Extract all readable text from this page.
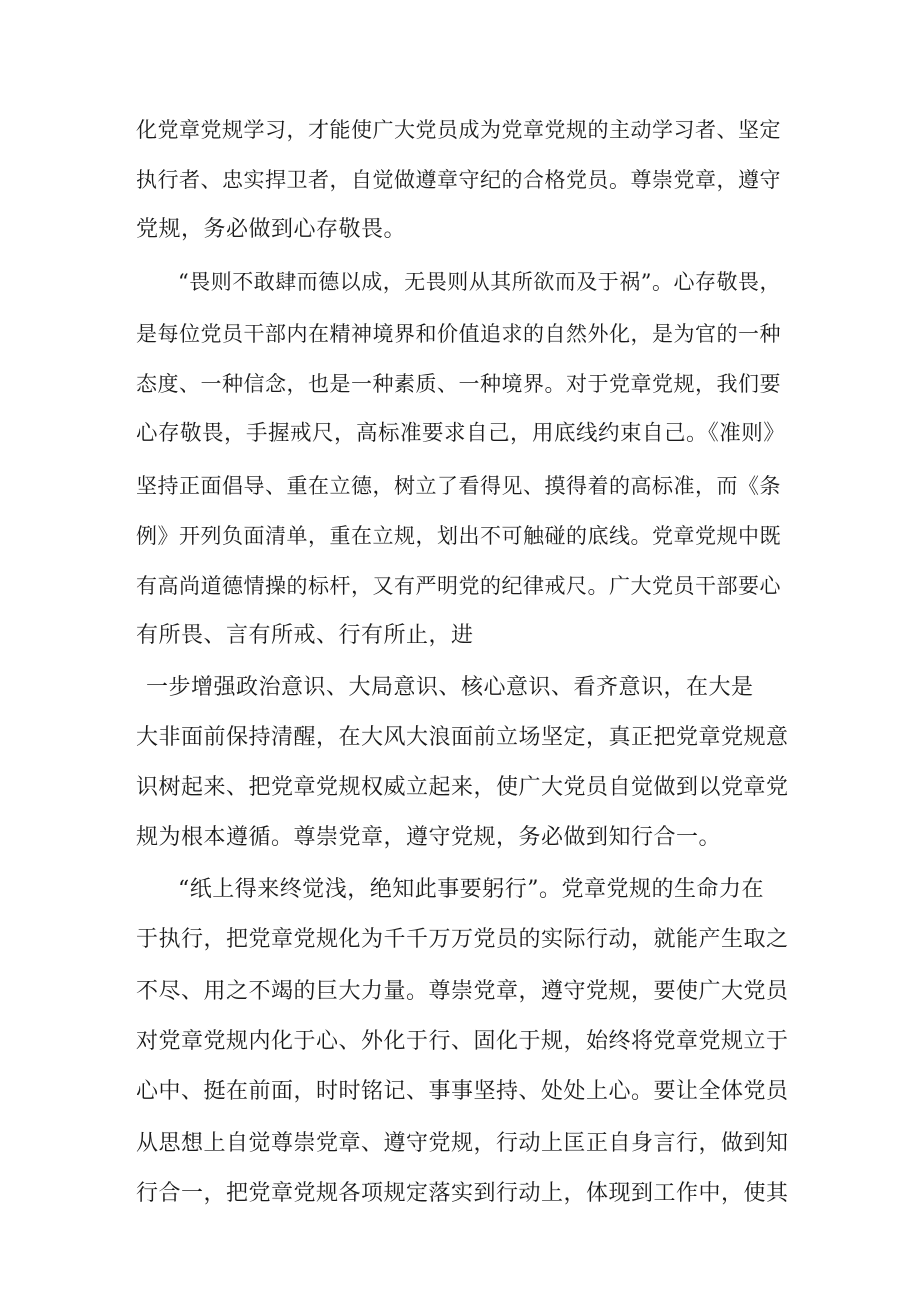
化党章党规学习，才能使广大党员成为党章党规的主动学习者、坚定
执行者、忠实捍卫者，自觉做遵章守纪的合格党员。尊崇党章，遵守
党规，务必做到心存敬畏。
“畏则不敢肆而德以成，无畏则从其所欲而及于祸”。心存敬畏，
是每位党员干部内在精神境界和价值追求的自然外化，是为官的一种
态度、一种信念，也是一种素质、一种境界。对于党章党规，我们要
心存敬畏，手握戒尺，高标准要求自己，用底线约束自己。《准则》
坚持正面倡导、重在立德，树立了看得见、摸得着的高标准，而《条
例》开列负面清单，重在立规，划出不可触碰的底线。党章党规中既
有高尚道德情操的标杆，又有严明党的纪律戒尺。广大党员干部要心
有所畏、言有所戒、行有所止，进
一步增强政治意识、大局意识、核心意识、看齐意识，在大是
大非面前保持清醒，在大风大浪面前立场坚定，真正把党章党规意
识树起来、把党章党规权威立起来，使广大党员自觉做到以党章党
规为根本遵循。尊崇党章，遵守党规，务必做到知行合一。
“纸上得来终觉浅，绝知此事要躬行”。党章党规的生命力在
于执行，把党章党规化为千千万万党员的实际行动，就能产生取之
不尽、用之不竭的巨大力量。尊崇党章，遵守党规，要使广大党员
对党章党规内化于心、外化于行、固化于规，始终将党章党规立于
心中、挺在前面，时时铭记、事事坚持、处处上心。要让全体党员
从思想上自觉尊崇党章、遵守党规，行动上匡正自身言行，做到知
行合一，把党章党规各项规定落实到行动上，体现到工作中，使其
